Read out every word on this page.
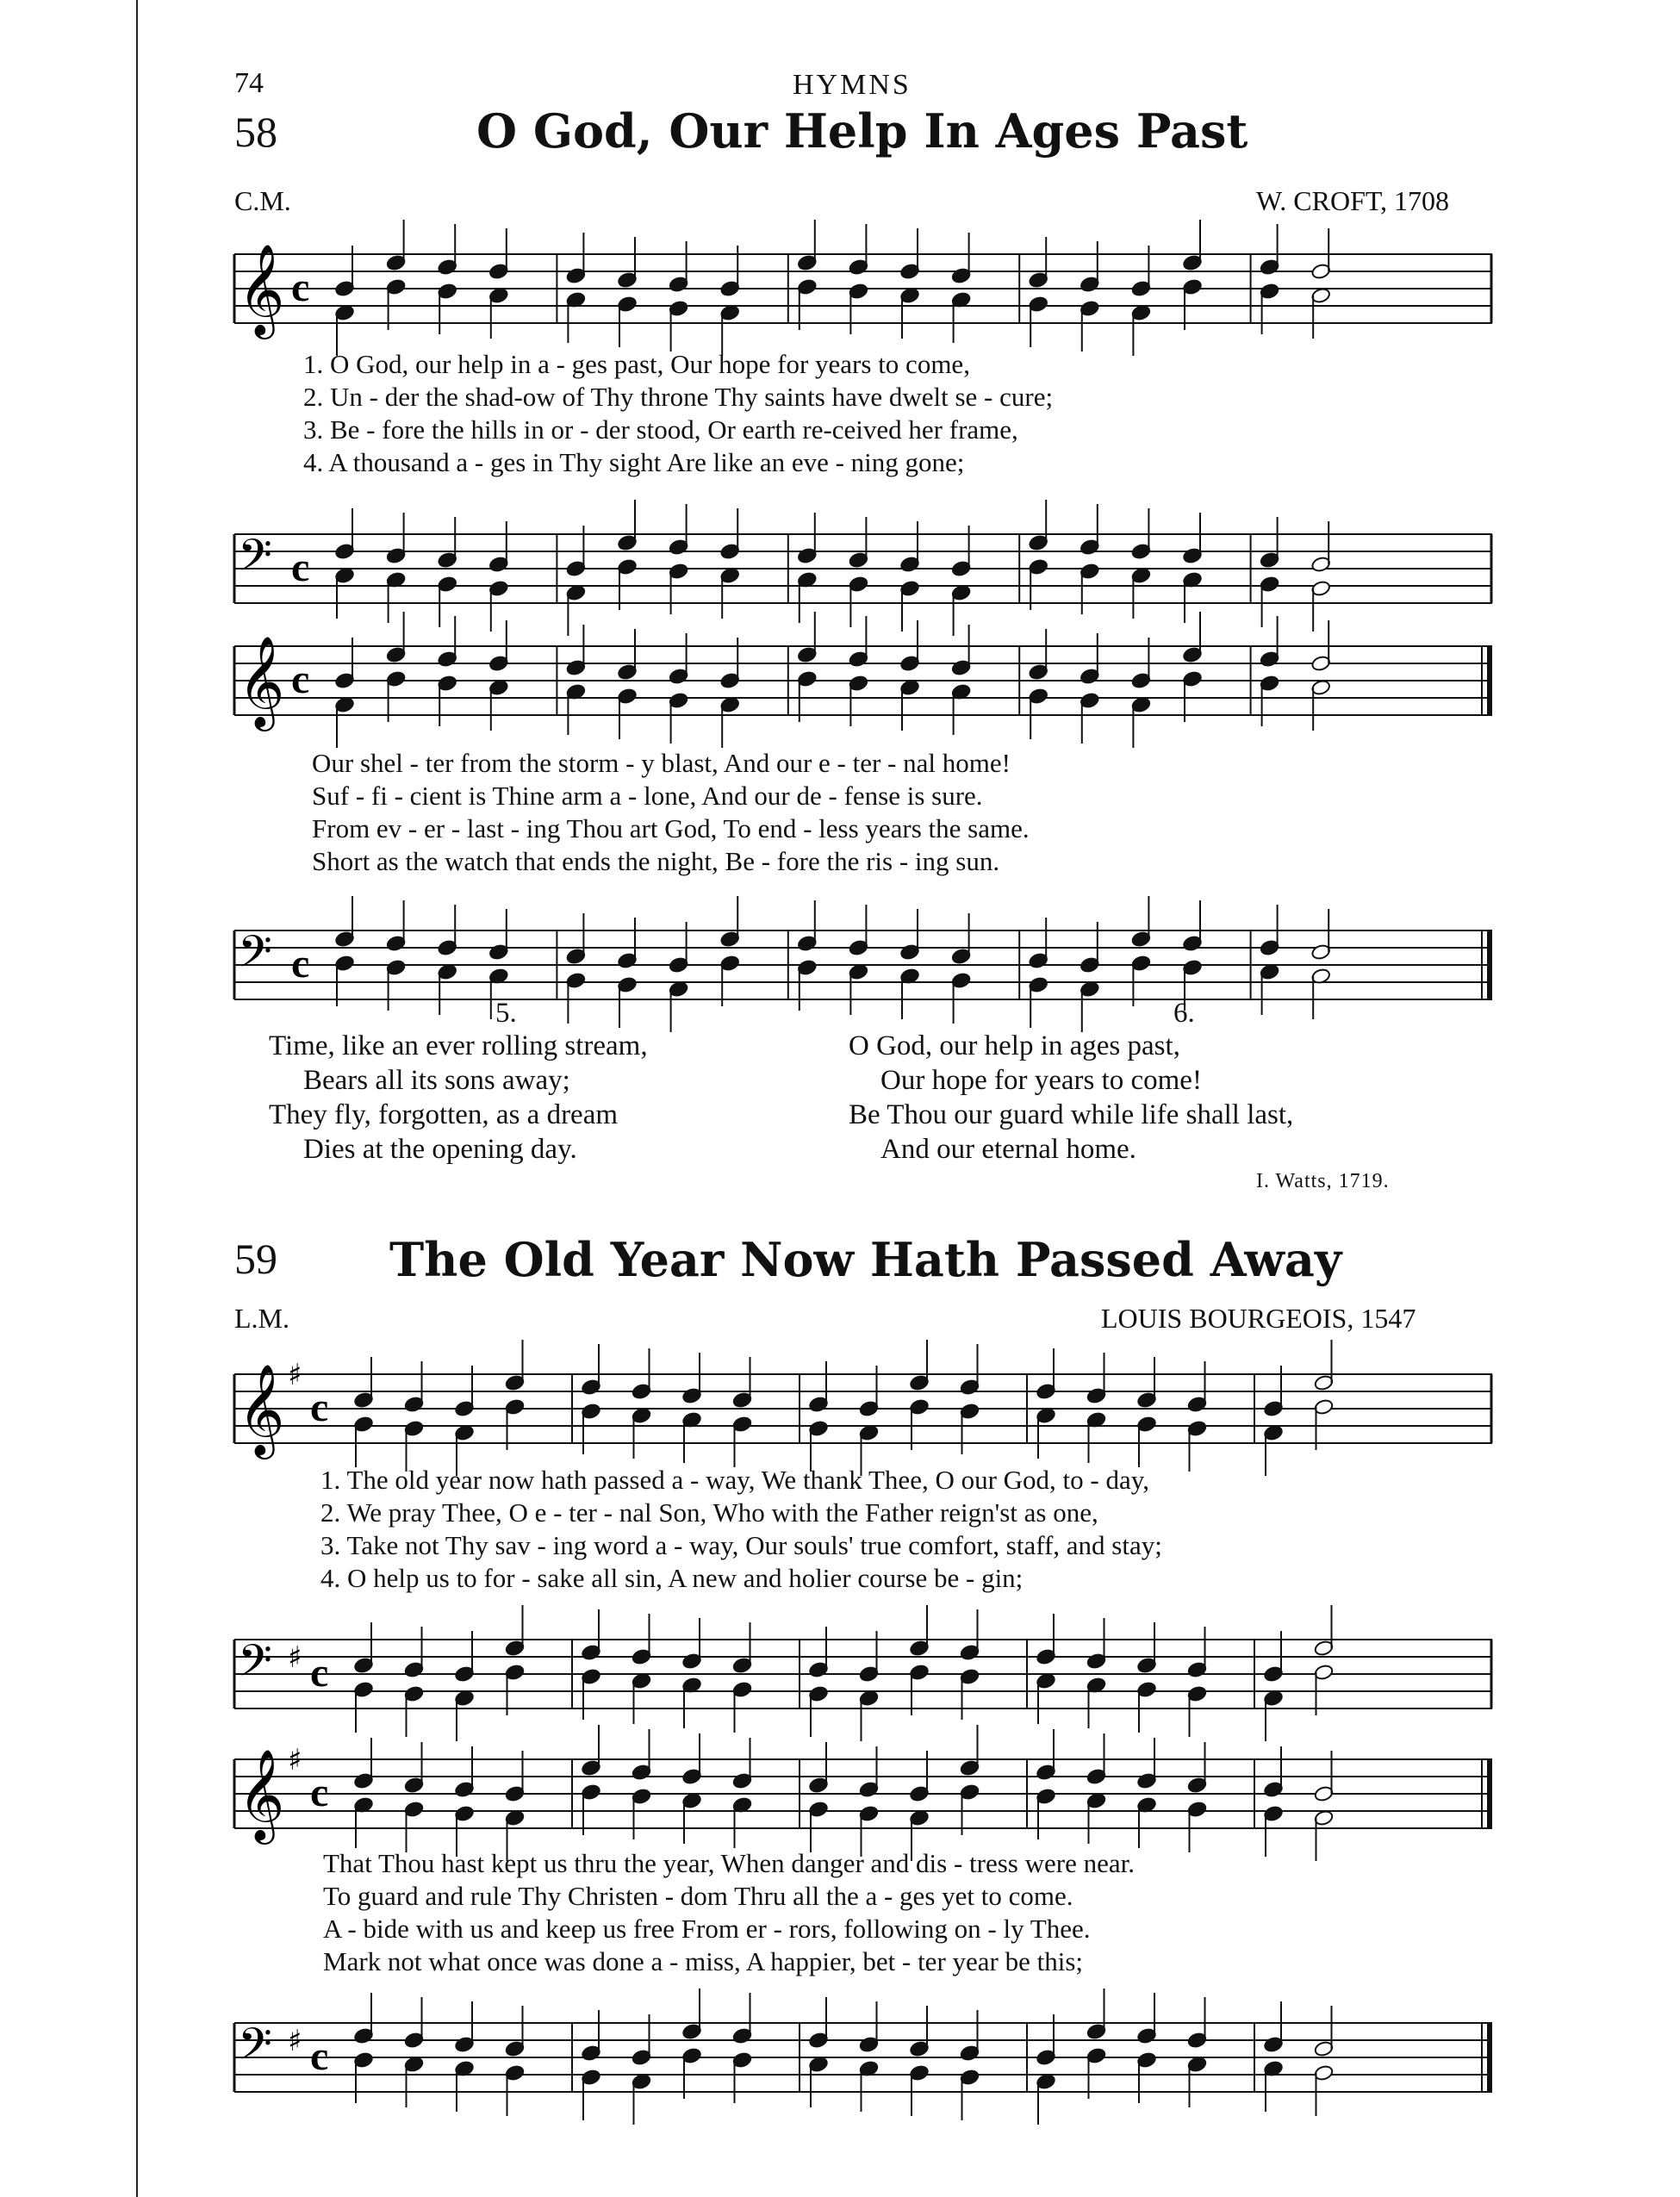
74	HYMNS
58	O God, Our Help In Ages Past
C.M.	W. CROFT, 1708
𝄞 c
1. O God, our help in a - ges past, Our hope for years to come,
2. Un - der the shad-ow of Thy throne Thy saints have dwelt se - cure;
3. Be - fore the hills in or - der stood, Or earth re-ceived her frame,
4. A thousand a - ges in Thy sight Are like an eve - ning gone;
𝄢 c
𝄞 c
Our shel - ter from the storm - y blast, And our e - ter - nal home!
Suf - fi - cient is Thine arm a - lone, And our de - fense is sure.
From ev - er - last - ing Thou art God, To end - less years the same.
Short as the watch that ends the night, Be - fore the ris - ing sun.
𝄢 c
5.
Time, like an ever rolling stream,
Bears all its sons away;
They fly, forgotten, as a dream
Dies at the opening day.
6.
O God, our help in ages past,
Our hope for years to come!
Be Thou our guard while life shall last,
And our eternal home.
I. Watts, 1719.
59 The Old Year Now Hath Passed Away
L.M.	LOUIS BOURGEOIS, 1547
𝄞 ♯
c
1. The old year now hath passed a - way, We thank Thee, O our God, to - day,
2. We pray Thee, O e - ter - nal Son, Who with the Father reign'st as one,
3. Take not Thy sav - ing word a - way, Our souls' true comfort, staff, and stay;
4. O help us to for - sake all sin, A new and holier course be - gin;
𝄢 ♯ c
𝄞 ♯
c
That Thou hast kept us thru the year, When danger and dis - tress were near.
To guard and rule Thy Christen - dom Thru all the a - ges yet to come.
A - bide with us and keep us free From er - rors, following on - ly Thee.
Mark not what once was done a - miss, A happier, bet - ter year be this;
𝄢 ♯ c
